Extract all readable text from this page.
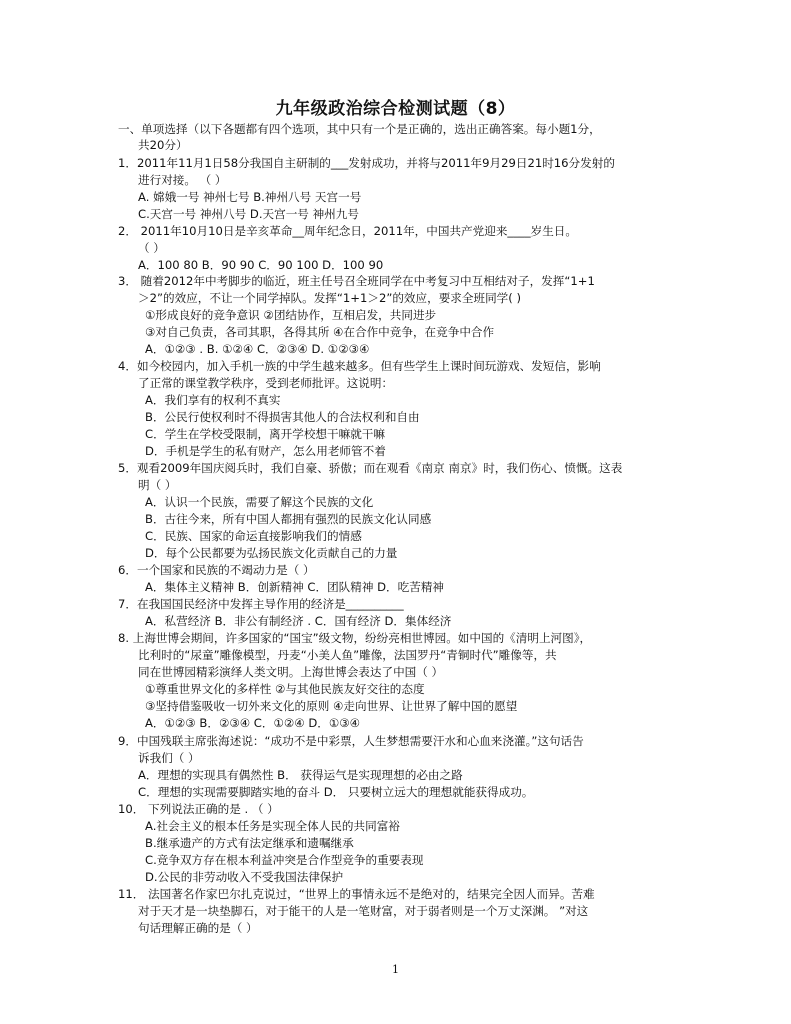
九年级政治综合检测试题（8）
一、单项选择（以下各题都有四个选项，其中只有一个是正确的，选出正确答案。每小题1分，
共20分）
1．2011年11月1日58分我国自主研制的___发射成功，并将与2011年9月29日21时16分发射的
进行对接。 （ ）
A. 嫦娥一号 神州七号 B.神州八号 天宫一号
C.天宫一号 神州八号 D.天宫一号 神州九号
2． 2011年10月10日是辛亥革命__周年纪念日，2011年，中国共产党迎来____岁生日。
（ ）
A．100 80 B．90 90 C．90 100 D．100 90
3． 随着2012年中考脚步的临近，班主任号召全班同学在中考复习中互相结对子，发挥“1+1
＞2”的效应，不让一个同学掉队。发挥“1+1＞2”的效应，要求全班同学( )
①形成良好的竞争意识 ②团结协作，互相启发，共同进步
③对自己负责，各司其职，各得其所 ④在合作中竞争，在竞争中合作
A．①②③ . B. ①②④ C．②③④ D. ①②③④
4．如今校园内，加入手机一族的中学生越来越多。但有些学生上课时间玩游戏、发短信，影响
了正常的课堂教学秩序，受到老师批评。这说明：
A．我们享有的权利不真实
B．公民行使权利时不得损害其他人的合法权利和自由
C．学生在学校受限制，离开学校想干嘛就干嘛
D．手机是学生的私有财产，怎么用老师管不着
5．观看2009年国庆阅兵时，我们自豪、骄傲；而在观看《南京 南京》时，我们伤心、愤慨。这表
明（ ）
A．认识一个民族，需要了解这个民族的文化
B．古往今来，所有中国人都拥有强烈的民族文化认同感
C．民族、国家的命运直接影响我们的情感
D．每个公民都要为弘扬民族文化贡献自己的力量
6．一个国家和民族的不竭动力是（ ）
A．集体主义精神 B．创新精神 C．团队精神 D．吃苦精神
7．在我国国民经济中发挥主导作用的经济是__________
A．私营经济 B．非公有制经济 . C．国有经济 D．集体经济
8. 上海世博会期间，许多国家的“国宝”级文物，纷纷亮相世博园。如中国的《清明上河图》，
比利时的“尿童”雕像模型，丹麦“小美人鱼”雕像，法国罗丹“青铜时代”雕像等，共
同在世博园精彩演绎人类文明。上海世博会表达了中国（ ）
①尊重世界文化的多样性 ②与其他民族友好交往的态度
③坚持借鉴吸收一切外来文化的原则 ④走向世界、让世界了解中国的愿望
A．①②③ B．②③④ C．①②④ D．①③④
9．中国残联主席张海述说：“成功不是中彩票，人生梦想需要汗水和心血来浇灌。”这句话告
诉我们（ ）
A．理想的实现具有偶然性 B． 获得运气是实现理想的必由之路
C．理想的实现需要脚踏实地的奋斗 D． 只要树立远大的理想就能获得成功。
10． 下列说法正确的是 . （ ）
A.社会主义的根本任务是实现全体人民的共同富裕
B.继承遗产的方式有法定继承和遗嘱继承
C.竞争双方存在根本利益冲突是合作型竞争的重要表现
D.公民的非劳动收入不受我国法律保护
11． 法国著名作家巴尔扎克说过，“世界上的事情永远不是绝对的，结果完全因人而异。苦难
对于天才是一块垫脚石，对于能干的人是一笔财富，对于弱者则是一个万丈深渊。 ”对这
句话理解正确的是（ ）
1
